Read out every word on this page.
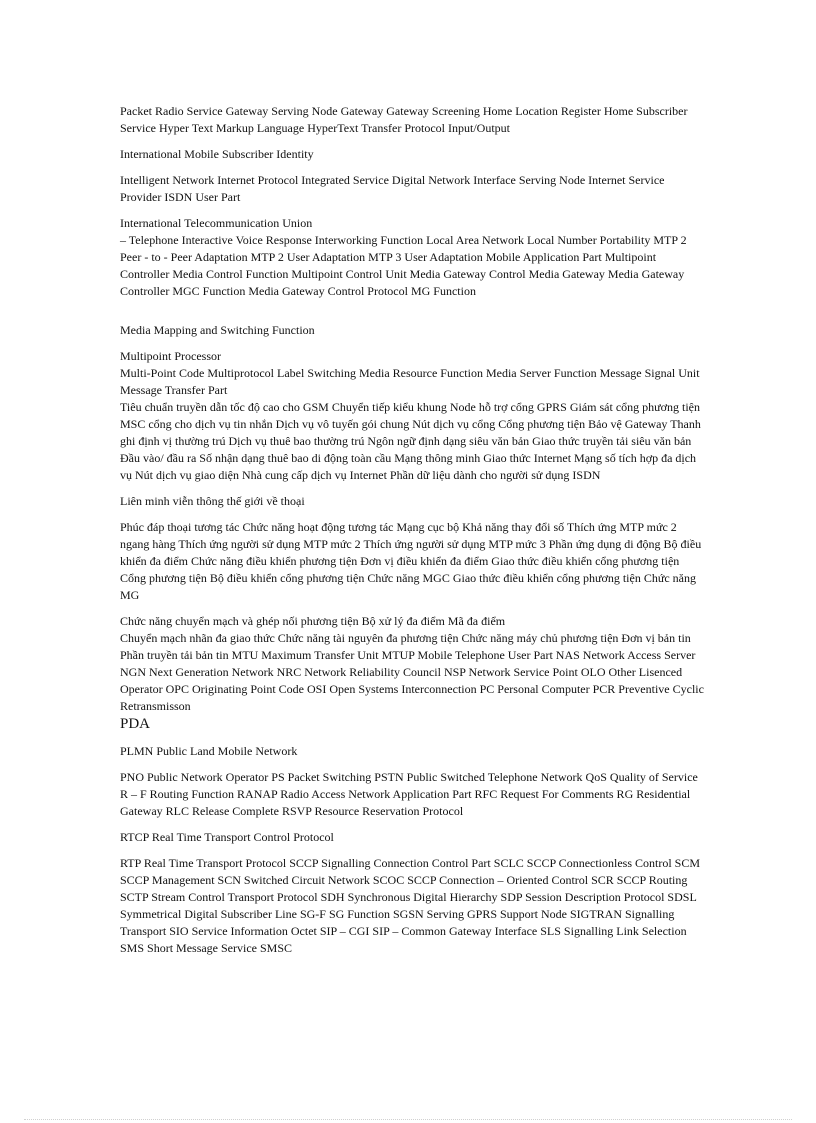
Packet Radio Service Gateway Serving Node Gateway Gateway Screening Home Location Register Home Subscriber Service Hyper Text Markup Language HyperText Transfer Protocol Input/Output

International Mobile Subscriber Identity

Intelligent Network Internet Protocol Integrated Service Digital Network Interface Serving Node Internet Service Provider ISDN User Part

International Telecommunication Union

– Telephone Interactive Voice Response Interworking Function Local Area Network Local Number Portability MTP 2 Peer - to - Peer Adaptation MTP 2 User Adaptation MTP 3 User Adaptation Mobile Application Part Multipoint Controller Media Control Function Multipoint Control Unit Media Gateway Control Media Gateway Media Gateway Controller MGC Function Media Gateway Control Protocol MG Function

Media Mapping and Switching Function

Multipoint Processor

Multi-Point Code Multiprotocol Label Switching Media Resource Function Media Server Function Message Signal Unit Message Transfer Part

Tiêu chuẩn truyền dẫn tốc độ cao cho GSM Chuyển tiếp kiểu khung Node hỗ trợ cổng GPRS Giám sát cổng phương tiện MSC cổng cho dịch vụ tin nhắn Dịch vụ vô tuyến gói chung Nút dịch vụ cổng Cổng phương tiện Bảo vệ Gateway Thanh ghi định vị thường trú Dịch vụ thuê bao thường trú Ngôn ngữ định dạng siêu văn bản Giao thức truyền tải siêu văn bản Đầu vào/ đầu ra Số nhận dạng thuê bao di động toàn cầu Mạng thông minh Giao thức Internet Mạng số tích hợp đa dịch vụ Nút dịch vụ giao diện Nhà cung cấp dịch vụ Internet Phần dữ liệu dành cho người sử dụng ISDN

Liên minh viễn thông thế giới về thoại

Phúc đáp thoại tương tác Chức năng hoạt động tương tác Mạng cục bộ Khả năng thay đổi số Thích ứng MTP mức 2 ngang hàng Thích ứng người sử dụng MTP mức 2 Thích ứng người sử dụng MTP mức 3 Phần ứng dụng di động Bộ điều khiển đa điểm Chức năng điều khiển phương tiện Đơn vị điều khiển đa điểm Giao thức điều khiển cổng phương tiện Cổng phương tiện Bộ điều khiển cổng phương tiện Chức năng MGC Giao thức điều khiển cổng phương tiện Chức năng MG

Chức năng chuyển mạch và ghép nối phương tiện Bộ xử lý đa điểm Mã đa điểm

Chuyển mạch nhãn đa giao thức Chức năng tài nguyên đa phương tiện Chức năng máy chủ phương tiện Đơn vị bản tin Phần truyền tải bản tin MTU Maximum Transfer Unit MTUP Mobile Telephone User Part NAS Network Access Server NGN Next Generation Network NRC Network Reliability Council NSP Network Service Point OLO Other Lisenced Operator OPC Originating Point Code OSI Open Systems Interconnection PC Personal Computer PCR Preventive Cyclic Retransmisson

PDA

PLMN Public Land Mobile Network

PNO Public Network Operator PS Packet Switching PSTN Public Switched Telephone Network QoS Quality of Service R – F Routing Function RANAP Radio Access Network Application Part RFC Request For Comments RG Residential Gateway RLC Release Complete RSVP Resource Reservation Protocol

RTCP Real Time Transport Control Protocol

RTP Real Time Transport Protocol SCCP Signalling Connection Control Part SCLC SCCP Connectionless Control SCM SCCP Management SCN Switched Circuit Network SCOC SCCP Connection – Oriented Control SCR SCCP Routing SCTP Stream Control Transport Protocol SDH Synchronous Digital Hierarchy SDP Session Description Protocol SDSL Symmetrical Digital Subscriber Line SG-F SG Function SGSN Serving GPRS Support Node SIGTRAN Signalling Transport SIO Service Information Octet SIP – CGI SIP – Common Gateway Interface SLS Signalling Link Selection SMS Short Message Service SMSC
